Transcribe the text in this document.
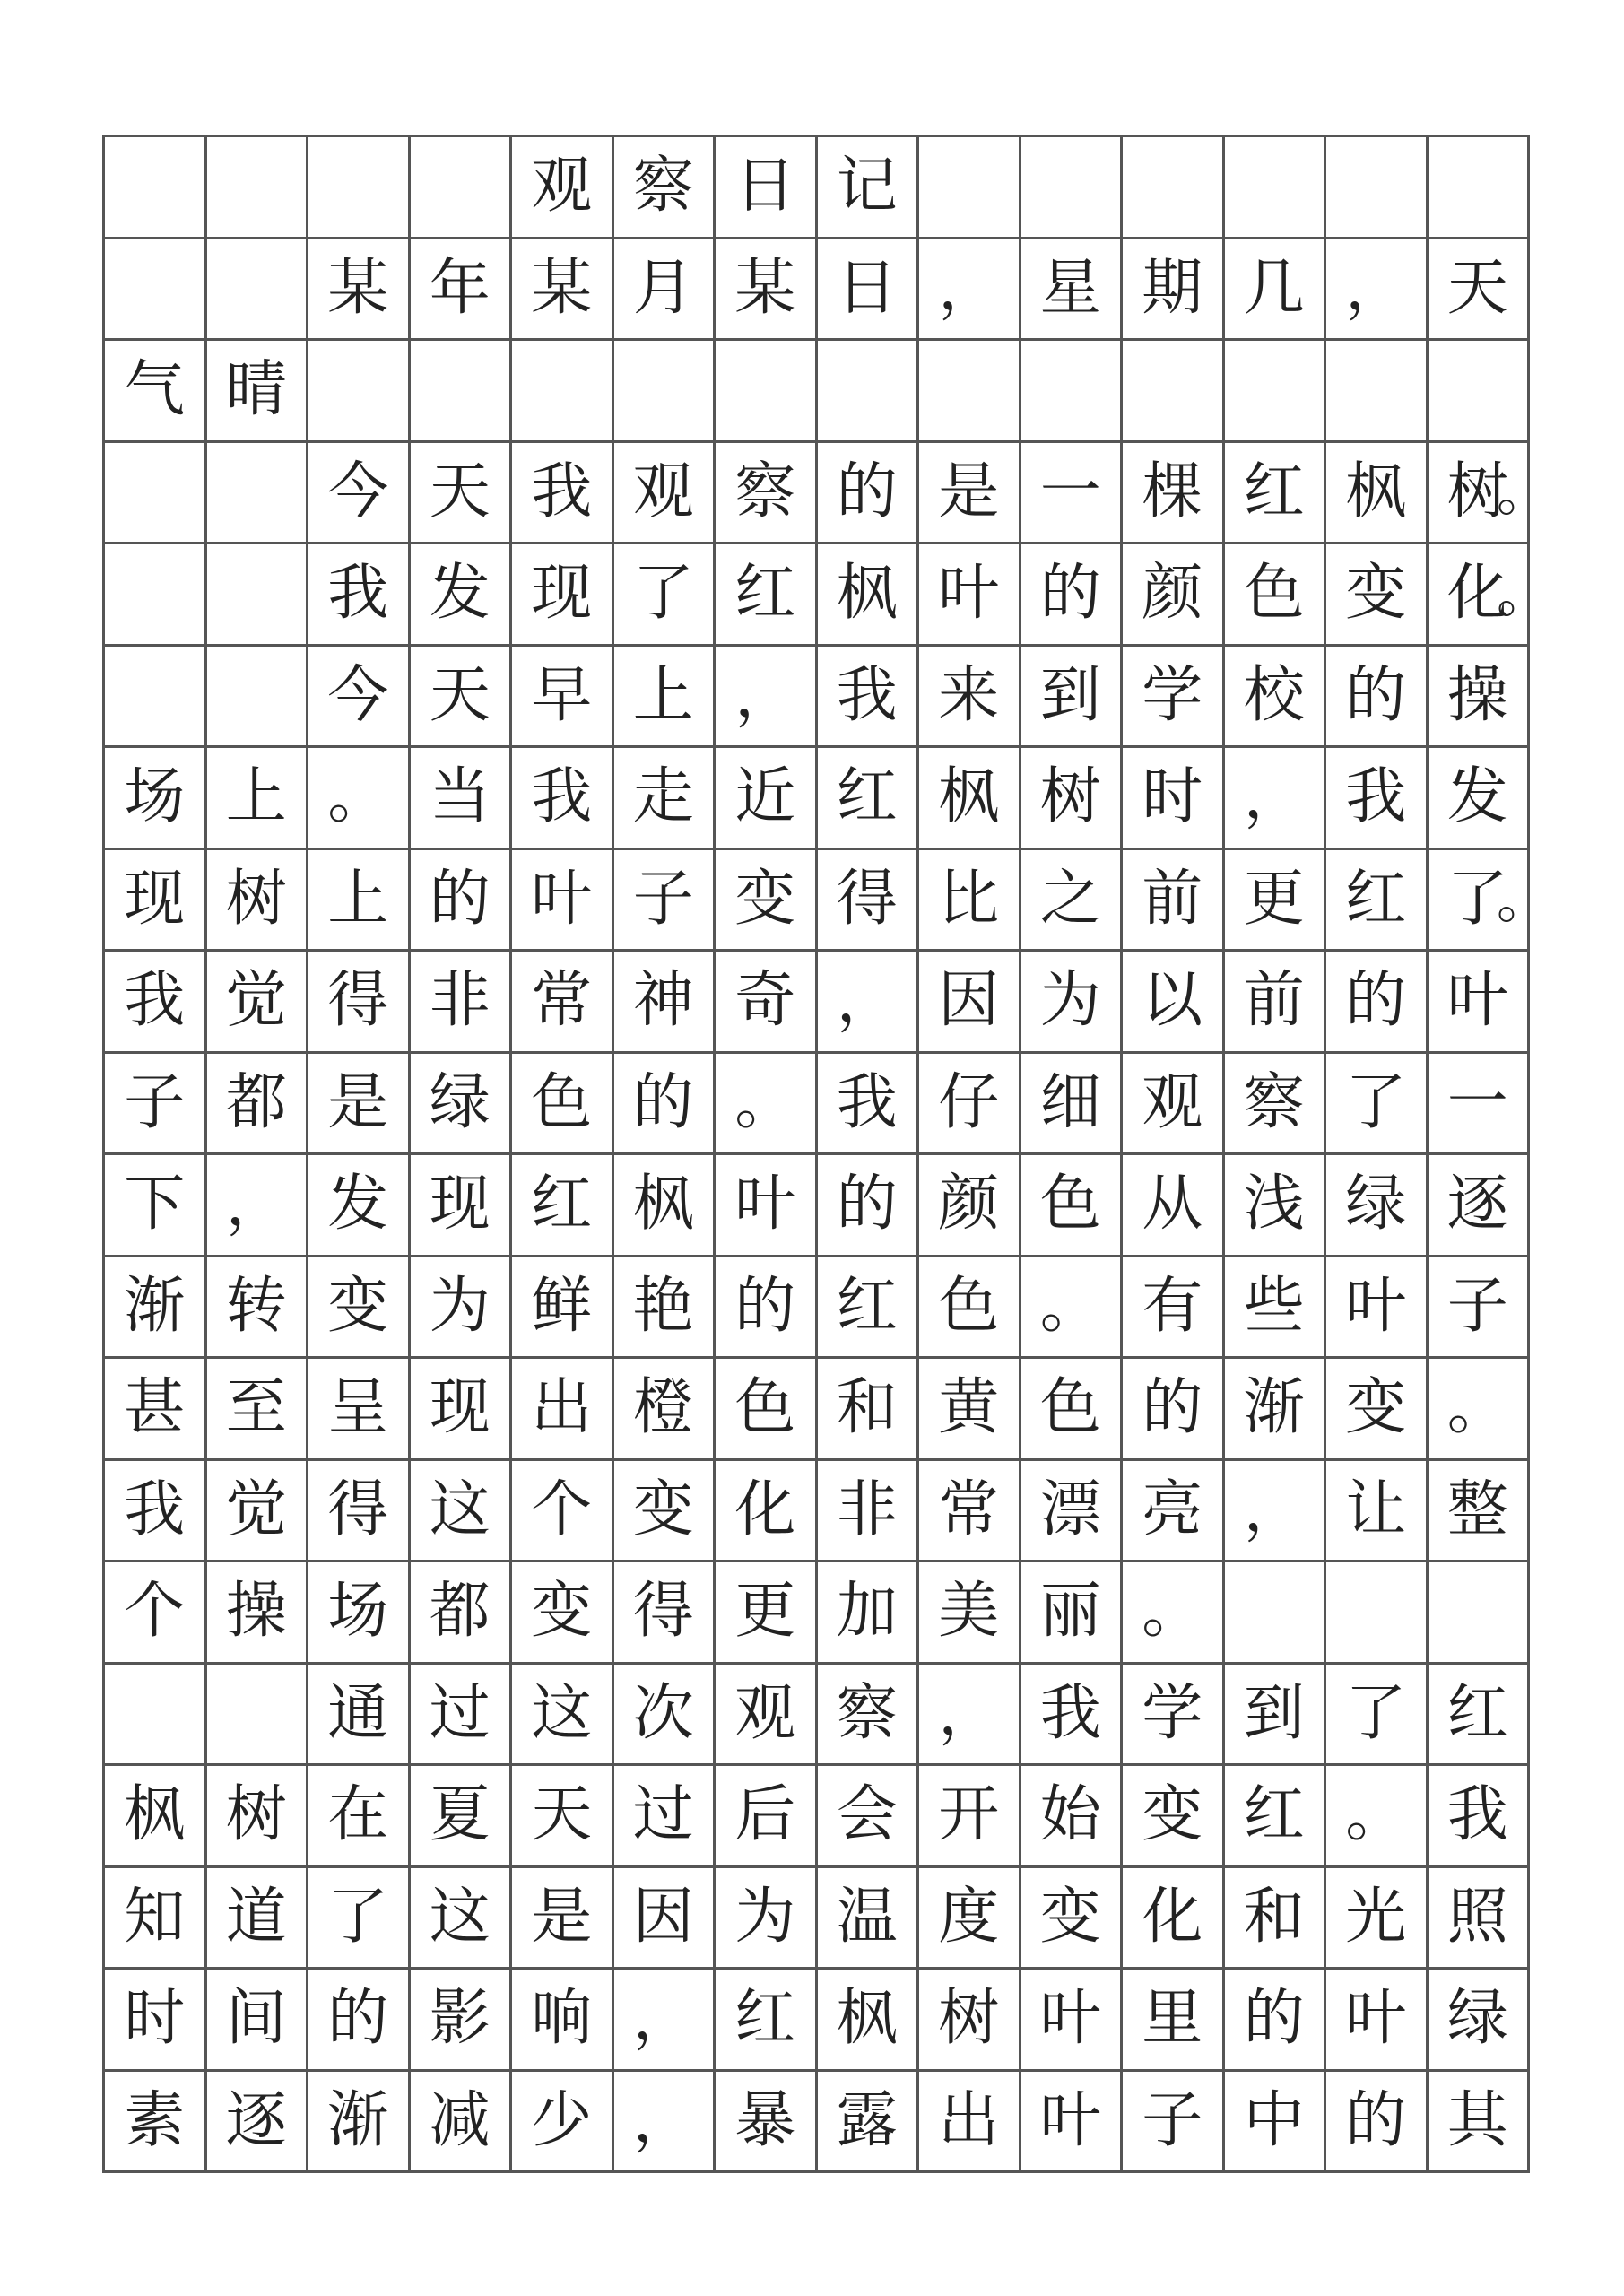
观 察 日 记
某 年 某 月 某 日 ， 星 期 几 ， 天
气 晴
今 天 我 观 察 的 是 一 棵 红 枫 树
。
我 发 现 了 红 枫 叶 的 颜 色 变 化
。
今 天 早 上 ， 我 来 到 学 校 的 操
场 上 。 当 我 走 近 红 枫 树 时 ， 我 发
现 树 上 的 叶 子 变 得 比 之 前 更 红 了
。
我 觉 得 非 常 神 奇 ， 因 为 以 前 的 叶
子 都 是 绿 色 的 。 我 仔 细 观 察 了 一
下 ， 发 现 红 枫 叶 的 颜 色 从 浅 绿 逐
渐 转 变 为 鲜 艳 的 红 色 。 有 些 叶 子
甚 至 呈 现 出 橙 色 和 黄 色 的 渐 变 。
我 觉 得 这 个 变 化 非 常 漂 亮 ， 让 整
个 操 场 都 变 得 更 加 美 丽 。
通 过 这 次 观 察 ， 我 学 到 了 红
枫 树 在 夏 天 过 后 会 开 始 变 红 。 我
知 道 了 这 是 因 为 温 度 变 化 和 光 照
时 间 的 影 响 ， 红 枫 树 叶 里 的 叶 绿
素 逐 渐 减 少 ， 暴 露 出 叶 子 中 的 其
